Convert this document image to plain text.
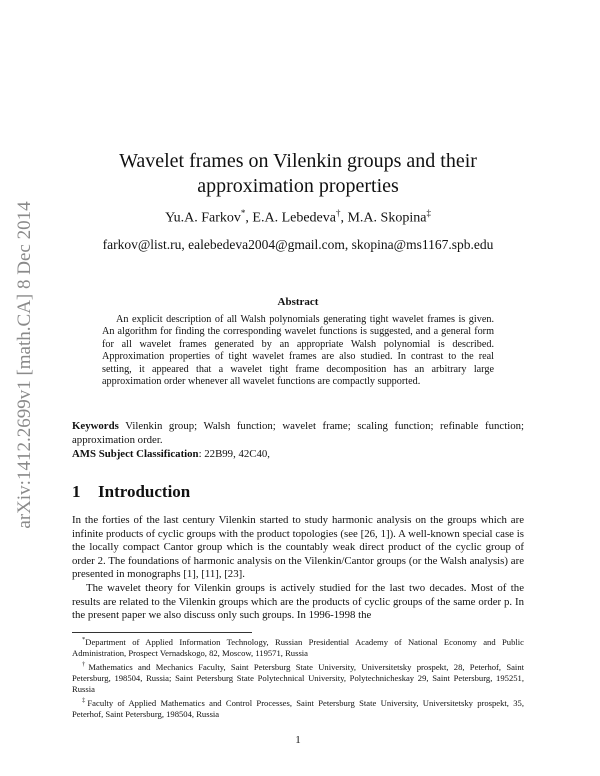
arXiv:1412.2699v1 [math.CA] 8 Dec 2014
Wavelet frames on Vilenkin groups and their
approximation properties
Yu.A. Farkov*, E.A. Lebedeva†, M.A. Skopina‡
farkov@list.ru, ealebedeva2004@gmail.com, skopina@ms1167.spb.edu
Abstract
An explicit description of all Walsh polynomials generating tight wavelet frames is given. An algorithm for finding the corresponding wavelet functions is suggested, and a general form for all wavelet frames generated by an appropriate Walsh polynomial is described. Approximation properties of tight wavelet frames are also studied. In contrast to the real setting, it appeared that a wavelet tight frame decomposition has an arbitrary large approximation order whenever all wavelet functions are compactly supported.
Keywords Vilenkin group; Walsh function; wavelet frame; scaling function; refinable function; approximation order.
AMS Subject Classification: 22B99, 42C40,
1 Introduction

In the forties of the last century Vilenkin started to study harmonic analysis on the groups which are infinite products of cyclic groups with the product topologies (see [26, 1]). A well-known special case is the locally compact Cantor group which is the countably weak direct product of the cyclic group of order 2. The foundations of harmonic analysis on the Vilenkin/Cantor groups (or the Walsh analysis) are presented in monographs [1], [11], [23].

The wavelet theory for Vilenkin groups is actively studied for the last two decades. Most of the results are related to the Vilenkin groups which are the products of cyclic groups of the same order p. In the present paper we also discuss only such groups. In 1996-1998 the

*Department of Applied Information Technology, Russian Presidential Academy of National Economy and Public Administration, Prospect Vernadskogo, 82, Moscow, 119571, Russia

†Mathematics and Mechanics Faculty, Saint Petersburg State University, Universitetsky prospekt, 28, Peterhof, Saint Petersburg, 198504, Russia; Saint Petersburg State Polytechnical University, Polytechnicheskay 29, Saint Petersburg, 195251, Russia

‡Faculty of Applied Mathematics and Control Processes, Saint Petersburg State University, Universitetsky prospekt, 35, Peterhof, Saint Petersburg, 198504, Russia

1
